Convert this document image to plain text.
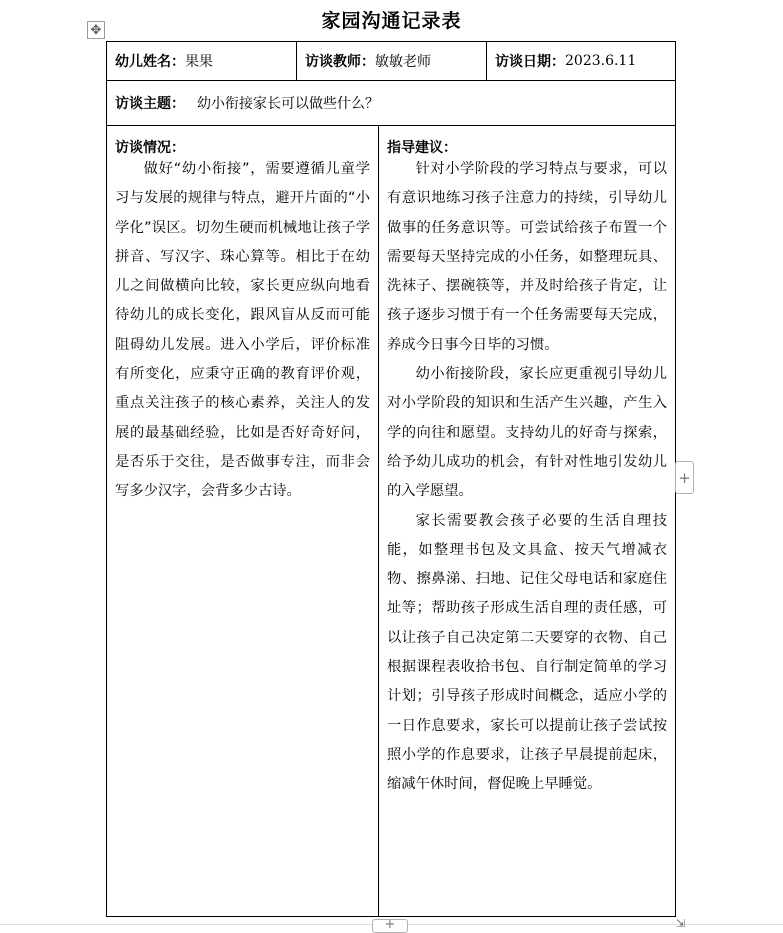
✥	家园沟通记录表
幼儿姓名： 果果	访谈教师： 敏敏老师	访谈日期： 2023.6.11
访谈主题： 幼小衔接家长可以做些什么？
访谈情况：

做好“幼小衔接”，需要遵循儿童学习与发展的规律与特点，避开片面的“小学化”误区。切勿生硬而机械地让孩子学拼音、写汉字、珠心算等。相比于在幼儿之间做横向比较，家长更应纵向地看待幼儿的成长变化，跟风盲从反而可能阻碍幼儿发展。进入小学后，评价标准有所变化，应秉守正确的教育评价观，重点关注孩子的核心素养，关注人的发展的最基础经验，比如是否好奇好问，是否乐于交往，是否做事专注，而非会写多少汉字，会背多少古诗。

指导建议：

针对小学阶段的学习特点与要求，可以有意识地练习孩子注意力的持续，引导幼儿做事的任务意识等。可尝试给孩子布置一个需要每天坚持完成的小任务，如整理玩具、洗袜子、摆碗筷等，并及时给孩子肯定，让孩子逐步习惯于有一个任务需要每天完成，养成今日事今日毕的习惯。

幼小衔接阶段，家长应更重视引导幼儿对小学阶段的知识和生活产生兴趣，产生入学的向往和愿望。支持幼儿的好奇与探索，给予幼儿成功的机会，有针对性地引发幼儿的入学愿望。

家长需要教会孩子必要的生活自理技能，如整理书包及文具盒、按天气增减衣物、擦鼻涕、扫地、记住父母电话和家庭住址等；帮助孩子形成生活自理的责任感，可以让孩子自己决定第二天要穿的衣物、自己根据课程表收拾书包、自行制定简单的学习计划；引导孩子形成时间概念，适应小学的一日作息要求，家长可以提前让孩子尝试按照小学的作息要求，让孩子早晨提前起床，缩减午休时间，督促晚上早睡觉。

+
+	⇲
